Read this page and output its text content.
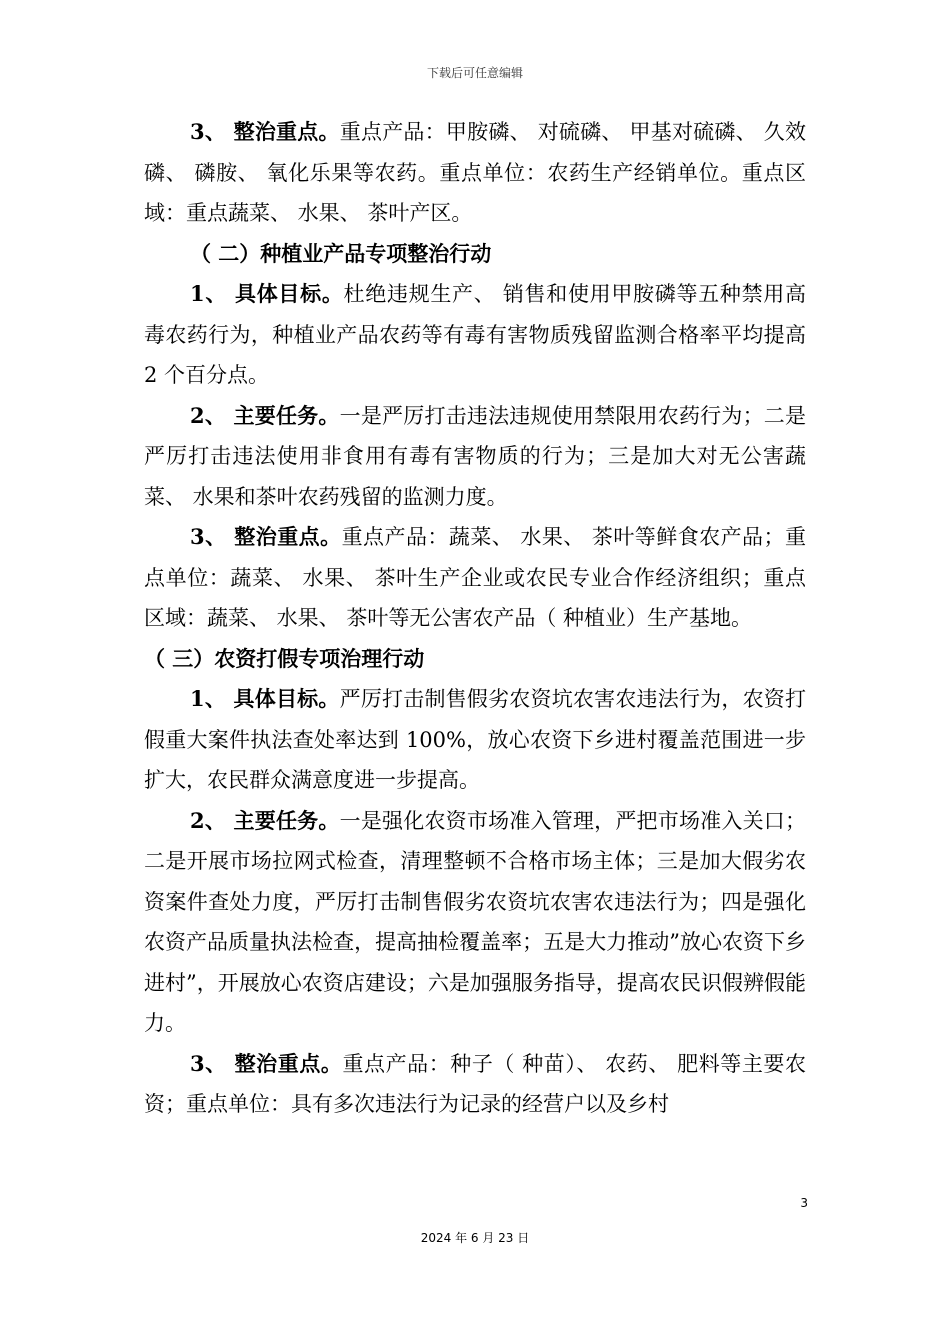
下载后可任意编辑

3、 整治重点。重点产品：甲胺磷、 对硫磷、 甲基对硫磷、 久效磷、 磷胺、 氧化乐果等农药。重点单位：农药生产经销单位。重点区域：重点蔬菜、 水果、 茶叶产区。

（ 二）种植业产品专项整治行动

1、 具体目标。杜绝违规生产、 销售和使用甲胺磷等五种禁用高毒农药行为，种植业产品农药等有毒有害物质残留监测合格率平均提高 2 个百分点。

2、 主要任务。一是严厉打击违法违规使用禁限用农药行为；二是严厉打击违法使用非食用有毒有害物质的行为；三是加大对无公害蔬菜、 水果和茶叶农药残留的监测力度。

3、 整治重点。重点产品：蔬菜、 水果、 茶叶等鲜食农产品；重点单位：蔬菜、 水果、 茶叶生产企业或农民专业合作经济组织；重点区域：蔬菜、 水果、 茶叶等无公害农产品（ 种植业）生产基地。

（ 三）农资打假专项治理行动

1、 具体目标。严厉打击制售假劣农资坑农害农违法行为，农资打假重大案件执法查处率达到 100%，放心农资下乡进村覆盖范围进一步扩大，农民群众满意度进一步提高。

2、 主要任务。一是强化农资市场准入管理，严把市场准入关口；二是开展市场拉网式检查，清理整顿不合格市场主体；三是加大假劣农资案件查处力度，严厉打击制售假劣农资坑农害农违法行为；四是强化农资产品质量执法检查，提高抽检覆盖率；五是大力推动”放心农资下乡进村”，开展放心农资店建设；六是加强服务指导，提高农民识假辨假能力。

3、 整治重点。重点产品：种子（ 种苗）、 农药、 肥料等主要农资；重点单位：具有多次违法行为记录的经营户以及乡村

3
2024 年 6 月 23 日
